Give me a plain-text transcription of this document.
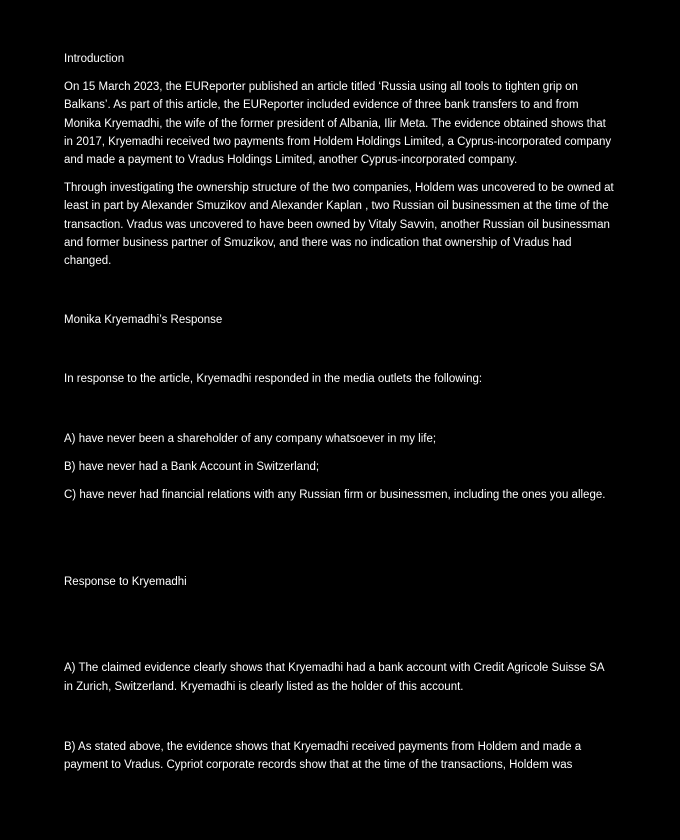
Introduction

On 15 March 2023, the EUReporter published an article titled ‘Russia using all tools to tighten grip on Balkans’. As part of this article, the EUReporter included evidence of three bank transfers to and from Monika Kryemadhi, the wife of the former president of Albania, Ilir Meta. The evidence obtained shows that in 2017, Kryemadhi received two payments from Holdem Holdings Limited, a Cyprus-incorporated company and made a payment to Vradus Holdings Limited, another Cyprus-incorporated company.

Through investigating the ownership structure of the two companies, Holdem was uncovered to be owned at least in part by Alexander Smuzikov and Alexander Kaplan , two Russian oil businessmen at the time of the transaction. Vradus was uncovered to have been owned by Vitaly Savvin, another Russian oil businessman and former business partner of Smuzikov, and there was no indication that ownership of Vradus had changed.

Monika Kryemadhi’s Response

In response to the article, Kryemadhi responded in the media outlets the following:

A) have never been a shareholder of any company whatsoever in my life;

B) have never had a Bank Account in Switzerland;

C) have never had financial relations with any Russian firm or businessmen, including the ones you allege.

Response to Kryemadhi

A) The claimed evidence clearly shows that Kryemadhi had a bank account with Credit Agricole Suisse SA in Zurich, Switzerland. Kryemadhi is clearly listed as the holder of this account.

B) As stated above, the evidence shows that Kryemadhi received payments from Holdem and made a payment to Vradus. Cypriot corporate records show that at the time of the transactions, Holdem was
